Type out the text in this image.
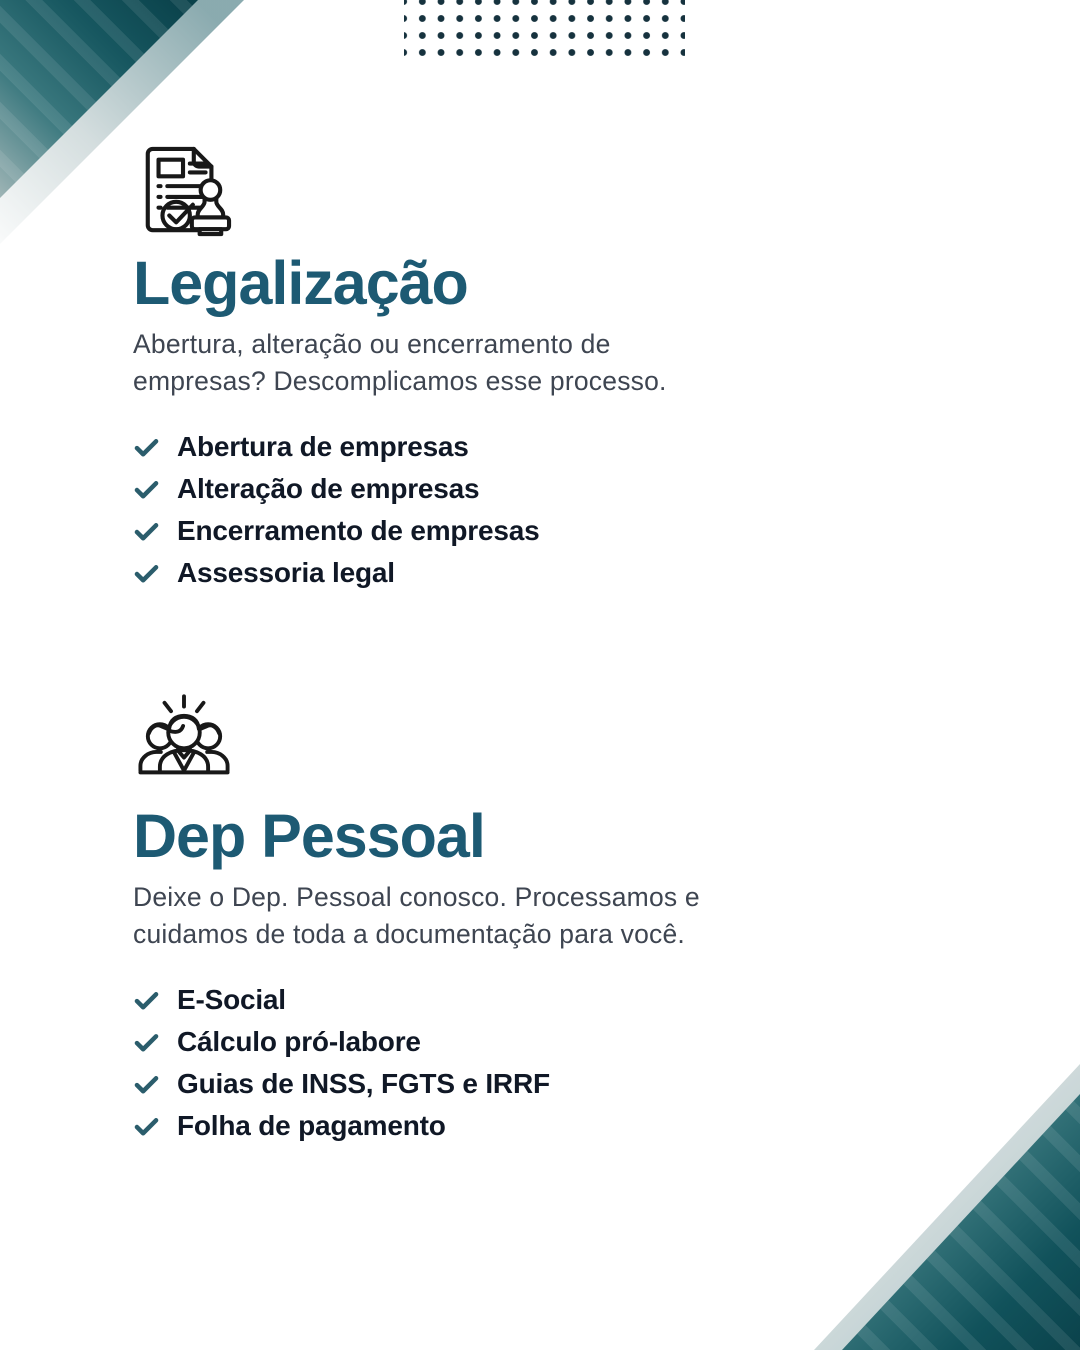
Legalização

Abertura, alteração ou encerramento de empresas? Descomplicamos esse processo.

Abertura de empresas
Alteração de empresas
Encerramento de empresas
Assessoria legal
Dep Pessoal

Deixe o Dep. Pessoal conosco. Processamos e cuidamos de toda a documentação para você.

E-Social
Cálculo pró-labore
Guias de INSS, FGTS e IRRF
Folha de pagamento
